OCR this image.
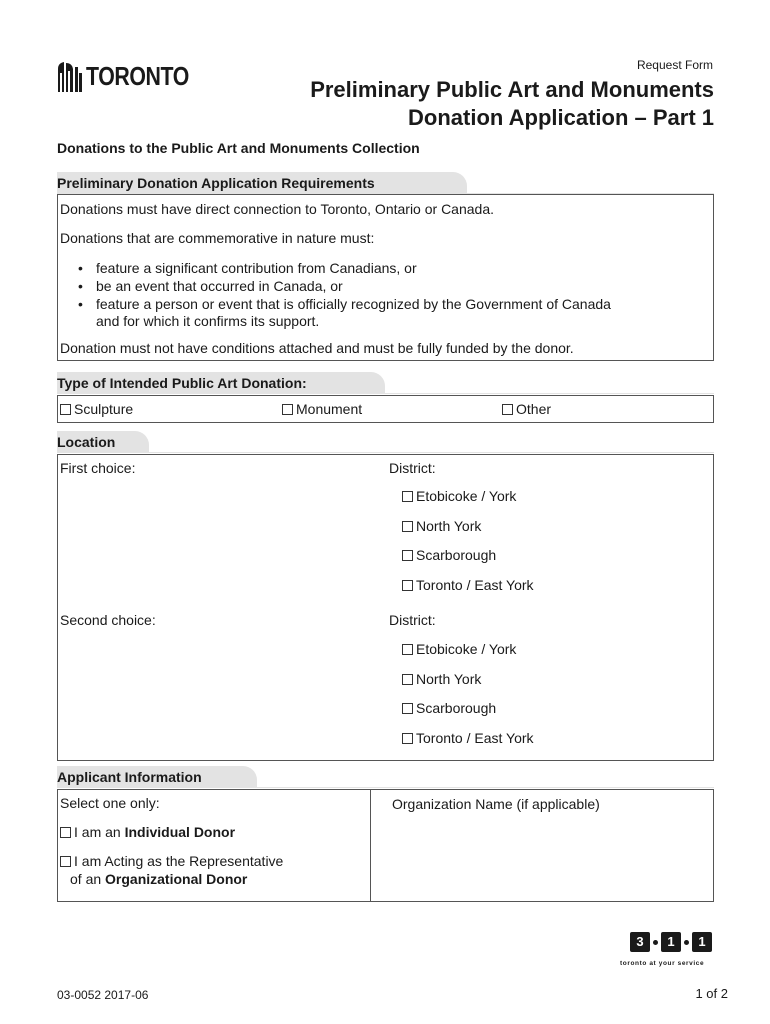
TORONTO	Request Form
Preliminary Public Art and Monuments
Donation Application – Part 1
Donations to the Public Art and Monuments Collection
Preliminary Donation Application Requirements
Donations must have direct connection to Toronto, Ontario or Canada.
Donations that are commemorative in nature must:
• feature a significant contribution from Canadians, or
• be an event that occurred in Canada, or
• feature a person or event that is officially recognized by the Government of Canada
and for which it confirms its support.
Donation must not have conditions attached and must be fully funded by the donor.
Type of Intended Public Art Donation:
Sculpture	Monument	Other
Location
First choice:	District:
Etobicoke / York
North York
Scarborough
Toronto / East York
Second choice:	District:
Etobicoke / York
North York
Scarborough
Toronto / East York
Applicant Information
Select one only:	Organization Name (if applicable)
I am an Individual Donor
I am Acting as the Representative
of an Organizational Donor
3	1	1
toronto at your service
03-0052 2017-06	1 of 2
